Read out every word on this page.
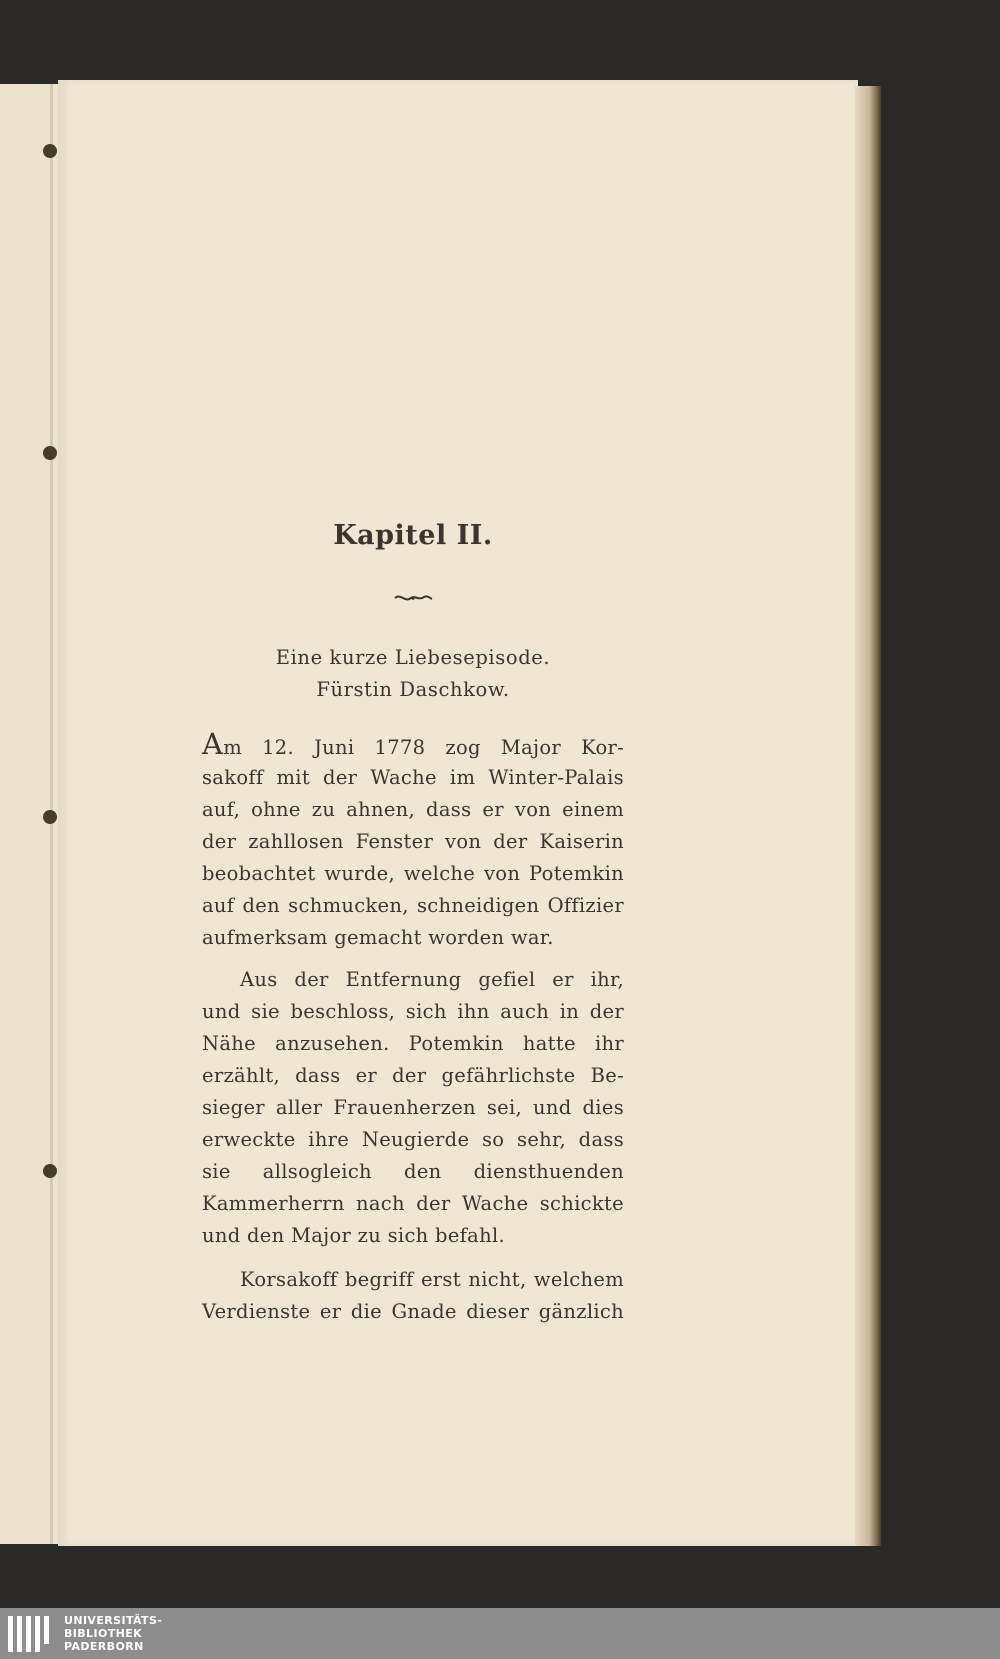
Kapitel II.

Eine kurze Liebesepisode.

Fürstin Daschkow.

Am 12. Juni 1778 zog Major Kor-
sakoff mit der Wache im Winter-Palais
auf, ohne zu ahnen, dass er von einem
der zahllosen Fenster von der Kaiserin
beobachtet wurde, welche von Potemkin
auf den schmucken, schneidigen Offizier
aufmerksam gemacht worden war.
Aus der Entfernung gefiel er ihr,
und sie beschloss, sich ihn auch in der
Nähe anzusehen. Potemkin hatte ihr
erzählt, dass er der gefährlichste Be-
sieger aller Frauenherzen sei, und dies
erweckte ihre Neugierde so sehr, dass
sie allsogleich den diensthuenden
Kammerherrn nach der Wache schickte
und den Major zu sich befahl.
Korsakoff begriff erst nicht, welchem
Verdienste er die Gnade dieser gänzlich
UNIVERSITÄTS-
BIBLIOTHEK
PADERBORN
